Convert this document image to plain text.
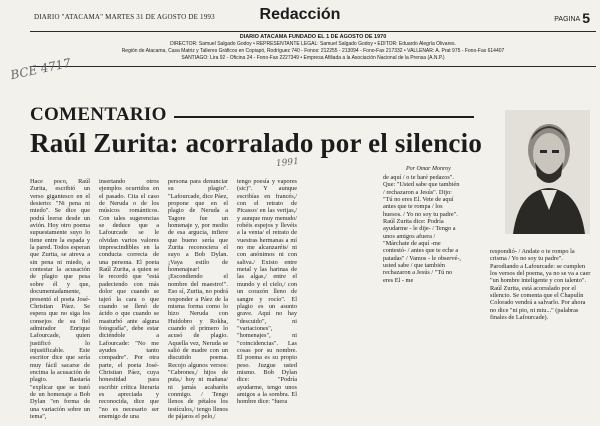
DIARIO "ATACAMA" MARTES 31 DE AGOSTO DE 1993	Redacción	PAGINA 5
DIARIO ATACAMA FUNDADO EL 1 DE AGOSTO DE 1970
DIRECTOR: Samuel Salgado Godoy • REPRESENTANTE LEGAL: Samuel Salgado Godoy • EDITOR: Eduardo Alegría Olivares.
Región de Atacama, Casa Matriz y Talleres Gráficos en Copiapó, Rodríguez 740 - Fonos: 212255 - 213094 - Fono-Fax 217332 • VALLENAR: A. Prat 975 - Fono-Fax 614407
SANTIAGO: Lira 92 - Oficina 24 - Fono-Fax 2227349 • Empresa Afiliada a la Asociación Nacional de la Prensa (A.N.P.)
BCE 4717
1991
COMENTARIO
Raúl Zurita: acorralado por el silencio
Por Omar Monroy

Hace poco, Raúl Zurita, escribió un verso gigantesco en el desierto: "Ni pena ni miedo". Se dice que podrá leerse desde un avión. Hoy otro poema supuestamente suyo lo tiene entre la espada y la pared. Todos esperan que Zurita, se atreva a sin pena ni miedo, a contestar la acusación de plagio que pesa sobre él y que, documentadamente, presentó el poeta José-Christian Páez. Se espera que no siga los consejos de su fiel admirador Enrique Lafourcade, quien justificó lo injustificable. Este escritor dice que sería muy fácil sacarse de encima la acusación de plagio. Bastaría "explicar que se trató de un homenaje a Bob Dylan "en forma de una variación sobre un tema",

insertando otros ejemplos ocurridos en el pasado. Cita el caso de Neruda o de los músicos románticos. Con tales sugerencias se deduce que a Lafourcade se le olvidan varios valores imprescindibles en la conducta correcta de una persona. El poeta Raúl Zurita, a quien se le recordó que "está padeciendo con más dolor que cuando se tajeó la cara o que cuando se llenó de ácido o que cuando se masturbó ante alguna fotografía", debe estar diciéndole a Lafourcade: "No me ayudes tanto compadre". Por otra parte, el poeta José-Christian Páez, cuya honestidad para escribir crítica literaria es apreciada y reconocida, dice que "no es necesario ser enemigo de una

persona para denunciar su plagio". "Lafourcade, dice Páez, propone que en el plagio de Neruda a Tagore fue un homenaje y, por medio de esa argucia, infiere que bueno sería que Zurita reconociera el suyo a Bob Dylan. ¡Vaya estilo de homenajear! ¡Escondiendo el nombre del maestro!". Eso sí, Zurita, no podrá responder a Páez de la misma forma como lo hizo Neruda con Huidobro y Rokha, cuando el primero lo acusó de plagio. Aquella vez, Neruda se salió de madre con un discutido poema. Recojo algunos versos: "Cabrones,/ hijos de puta,/ hoy ni mañana/ ni jamás acabaréis conmigo. / Tengo llenos de pétalos los testículos,/ tengo llenos de pájaros el pelo,/

tengo poesía y vapores (sic)". Y aunque escribías en francés,/ con el retrato de Picasso/ en las verijas,/ y aunque muy menudo/ robéis espejos y llevéis a la venta/ el retrato de vuestras hermanas a mí no me alcanzaréis/ ni con anónimos ni con saliva./ Existo entre metal y las harinas de las algas,/ entre el mundo y el cielo,/ con un corazón lleno de sangre y rocío". El plagio es un asunto grave. Aquí no hay "descuido", ni "variaciones", "homenajes", ni "coincidencias". Las cosas por su nombre. El poema es su propio peso. Juzgue usted mismo. Bob Dylan dice: "Podría ayudarme, tengo unos amigos a la sombra. El hombre dice: "fuera

de aquí / o te haré pedazos". Que: "Usted sabe que también / rechazaron a Jesús". Dijo: "Tú no eres El. Vete de aquí antes que te rompa / los huesos. / Yo no soy tu padre". Raúl Zurita dice: Podría ayudarme - le dije- / Tengo a unos amigos afuera / "Márchate de aquí -me contestó- / antes que te eche a patadas" / Vamos - le observé-, usted sabe / que también rechazaron a Jesús / "Tú no eres El - me

respondió- / Andate o te rompo la crisma / Yo no soy tu padre". Parodiando a Lafourcade: se cumplen los versos del poema, ya no se va a caer "un hombre inteligente y con talento". Raúl Zurita, está acorralado por el silencio. Se comenta que el Chapulín Colorado vendrá a salvarlo. Por ahora no dice "ni pio, ni miu..." (palabras finales de Lafourcade).
